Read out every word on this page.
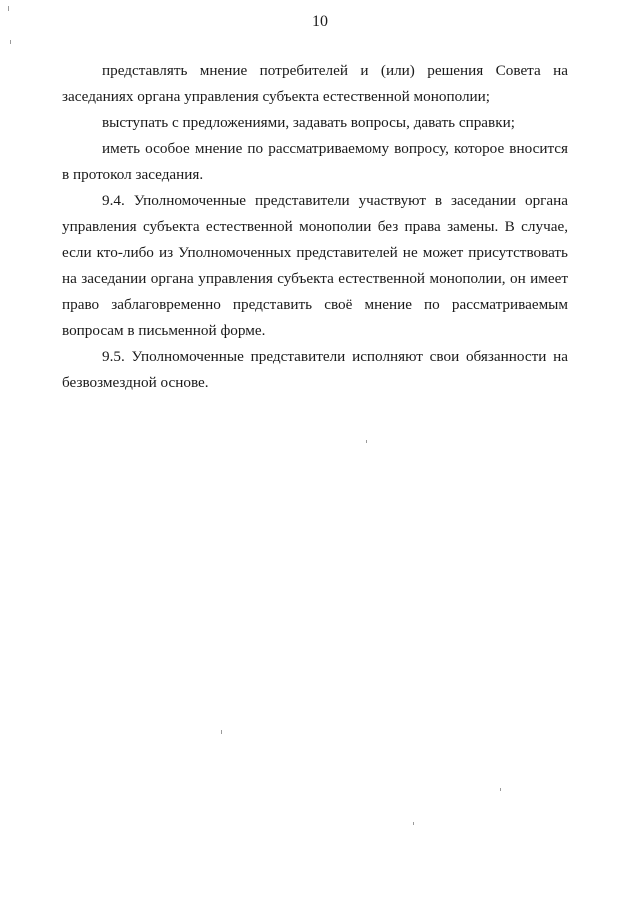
10

представлять мнение потребителей и (или) решения Совета на заседаниях органа управления субъекта естественной монополии;

выступать с предложениями, задавать вопросы, давать справки;

иметь особое мнение по рассматриваемому вопросу, которое вносится в протокол заседания.

9.4. Уполномоченные представители участвуют в заседании органа управления субъекта естественной монополии без права замены. В случае, если кто-либо из Уполномоченных представителей не может присутствовать на заседании органа управления субъекта естественной монополии, он имеет право заблаговременно представить своё мнение по рассматриваемым вопросам в письменной форме.

9.5. Уполномоченные представители исполняют свои обязанности на безвозмездной основе.
